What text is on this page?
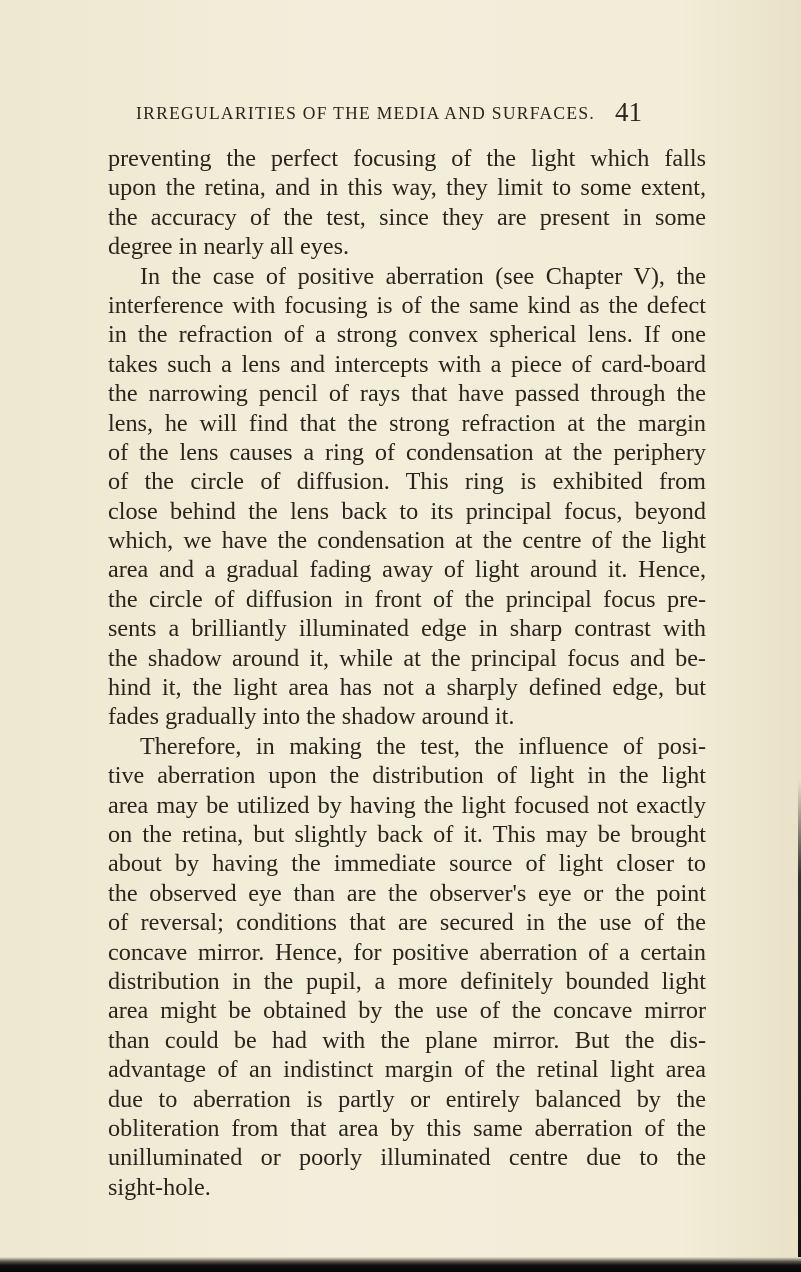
IRREGULARITIES OF THE MEDIA AND SURFACES. 41
preventing the perfect focusing of the light which falls
upon the retina, and in this way, they limit to some extent,
the accuracy of the test, since they are present in some
degree in nearly all eyes.
In the case of positive aberration (see Chapter V), the
interference with focusing is of the same kind as the defect
in the refraction of a strong convex spherical lens. If one
takes such a lens and intercepts with a piece of card-board
the narrowing pencil of rays that have passed through the
lens, he will find that the strong refraction at the margin
of the lens causes a ring of condensation at the periphery
of the circle of diffusion. This ring is exhibited from
close behind the lens back to its principal focus, beyond
which, we have the condensation at the centre of the light
area and a gradual fading away of light around it. Hence,
the circle of diffusion in front of the principal focus pre-
sents a brilliantly illuminated edge in sharp contrast with
the shadow around it, while at the principal focus and be-
hind it, the light area has not a sharply defined edge, but
fades gradually into the shadow around it.
Therefore, in making the test, the influence of posi-
tive aberration upon the distribution of light in the light
area may be utilized by having the light focused not exactly
on the retina, but slightly back of it. This may be brought
about by having the immediate source of light closer to
the observed eye than are the observer's eye or the point
of reversal; conditions that are secured in the use of the
concave mirror. Hence, for positive aberration of a certain
distribution in the pupil, a more definitely bounded light
area might be obtained by the use of the concave mirror
than could be had with the plane mirror. But the dis-
advantage of an indistinct margin of the retinal light area
due to aberration is partly or entirely balanced by the
obliteration from that area by this same aberration of the
unilluminated or poorly illuminated centre due to the
sight-hole.
